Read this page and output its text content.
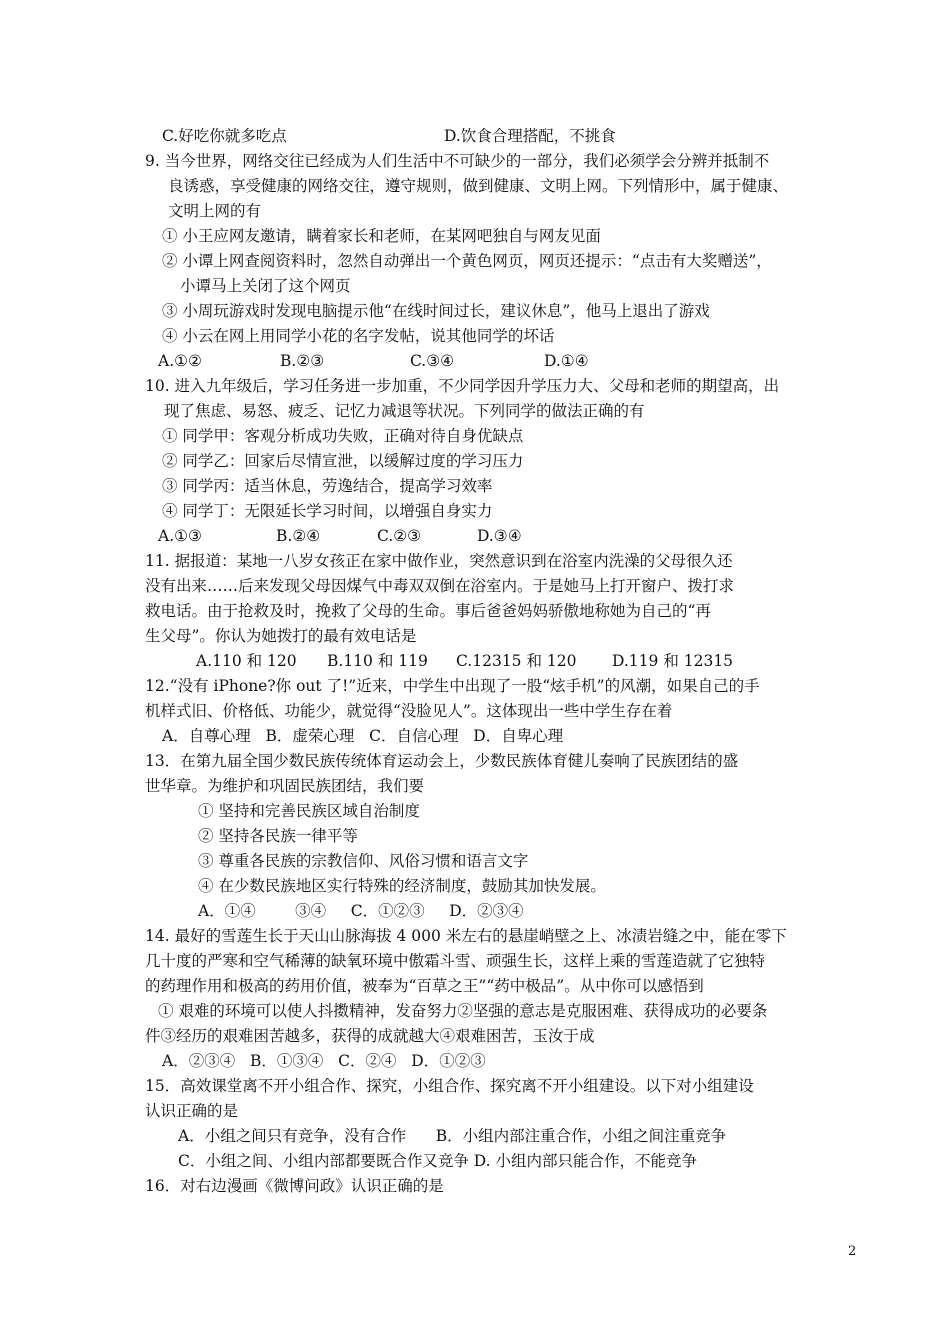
C.好吃你就多吃点	D.饮食合理搭配，不挑食
9. 当今世界，网络交往已经成为人们生活中不可缺少的一部分，我们必须学会分辨并抵制不
良诱惑，享受健康的网络交往，遵守规则，做到健康、文明上网。下列情形中，属于健康、
文明上网的有
① 小王应网友邀请，瞒着家长和老师，在某网吧独自与网友见面
② 小谭上网查阅资料时，忽然自动弹出一个黄色网页，网页还提示：“点击有大奖赠送”，
小谭马上关闭了这个网页
③ 小周玩游戏时发现电脑提示他“在线时间过长，建议休息”，他马上退出了游戏
④ 小云在网上用同学小花的名字发帖，说其他同学的坏话
A.①②	B.②③	C.③④	D.①④
10. 进入九年级后，学习任务进一步加重，不少同学因升学压力大、父母和老师的期望高，出
现了焦虑、易怒、疲乏、记忆力减退等状况。下列同学的做法正确的有
① 同学甲：客观分析成功失败，正确对待自身优缺点
② 同学乙：回家后尽情宣泄，以缓解过度的学习压力
③ 同学丙：适当休息，劳逸结合，提高学习效率
④ 同学丁：无限延长学习时间，以增强自身实力
A.①③	B.②④	C.②③	D.③④
11. 据报道：某地一八岁女孩正在家中做作业，突然意识到在浴室内洗澡的父母很久还
没有出来……后来发现父母因煤气中毒双双倒在浴室内。于是她马上打开窗户、拨打求
救电话。由于抢救及时，挽救了父母的生命。事后爸爸妈妈骄傲地称她为自己的“再
生父母”。你认为她拨打的最有效电话是
A.110 和 120 B.110 和 119 C.12315 和 120 D.119 和 12315
12.“没有 iPhone?你 out 了!”近来，中学生中出现了一股“炫手机”的风潮，如果自己的手
机样式旧、价格低、功能少，就觉得“没脸见人”。这体现出一些中学生存在着
A．自尊心理   B．虚荣心理   C．自信心理   D．自卑心理
13．在第九届全国少数民族传统体育运动会上，少数民族体育健儿奏响了民族团结的盛
世华章。为维护和巩固民族团结，我们要
① 坚持和完善民族区域自治制度
② 坚持各民族一律平等
③ 尊重各民族的宗教信仰、风俗习惯和语言文字
④ 在少数民族地区实行特殊的经济制度，鼓励其加快发展。
A．①④        ③④     C．①②③     D．②③④
14. 最好的雪莲生长于天山山脉海拔 4 000 米左右的悬崖峭壁之上、冰渍岩缝之中，能在零下
几十度的严寒和空气稀薄的缺氧环境中傲霜斗雪、顽强生长，这样上乘的雪莲造就了它独特
的药理作用和极高的药用价值，被奉为“百草之王”“药中极品”。从中你可以感悟到
① 艰难的环境可以使人抖擞精神，发奋努力②坚强的意志是克服困难、获得成功的必要条
件③经历的艰难困苦越多，获得的成就越大④艰难困苦，玉汝于成
A．②③④   B．①③④   C．②④   D．①②③
15．高效课堂离不开小组合作、探究，小组合作、探究离不开小组建设。以下对小组建设
认识正确的是
A．小组之间只有竞争，没有合作      B．小组内部注重合作，小组之间注重竞争
C．小组之间、小组内部都要既合作又竞争 D. 小组内部只能合作，不能竞争
16．对右边漫画《微博问政》认识正确的是
2
